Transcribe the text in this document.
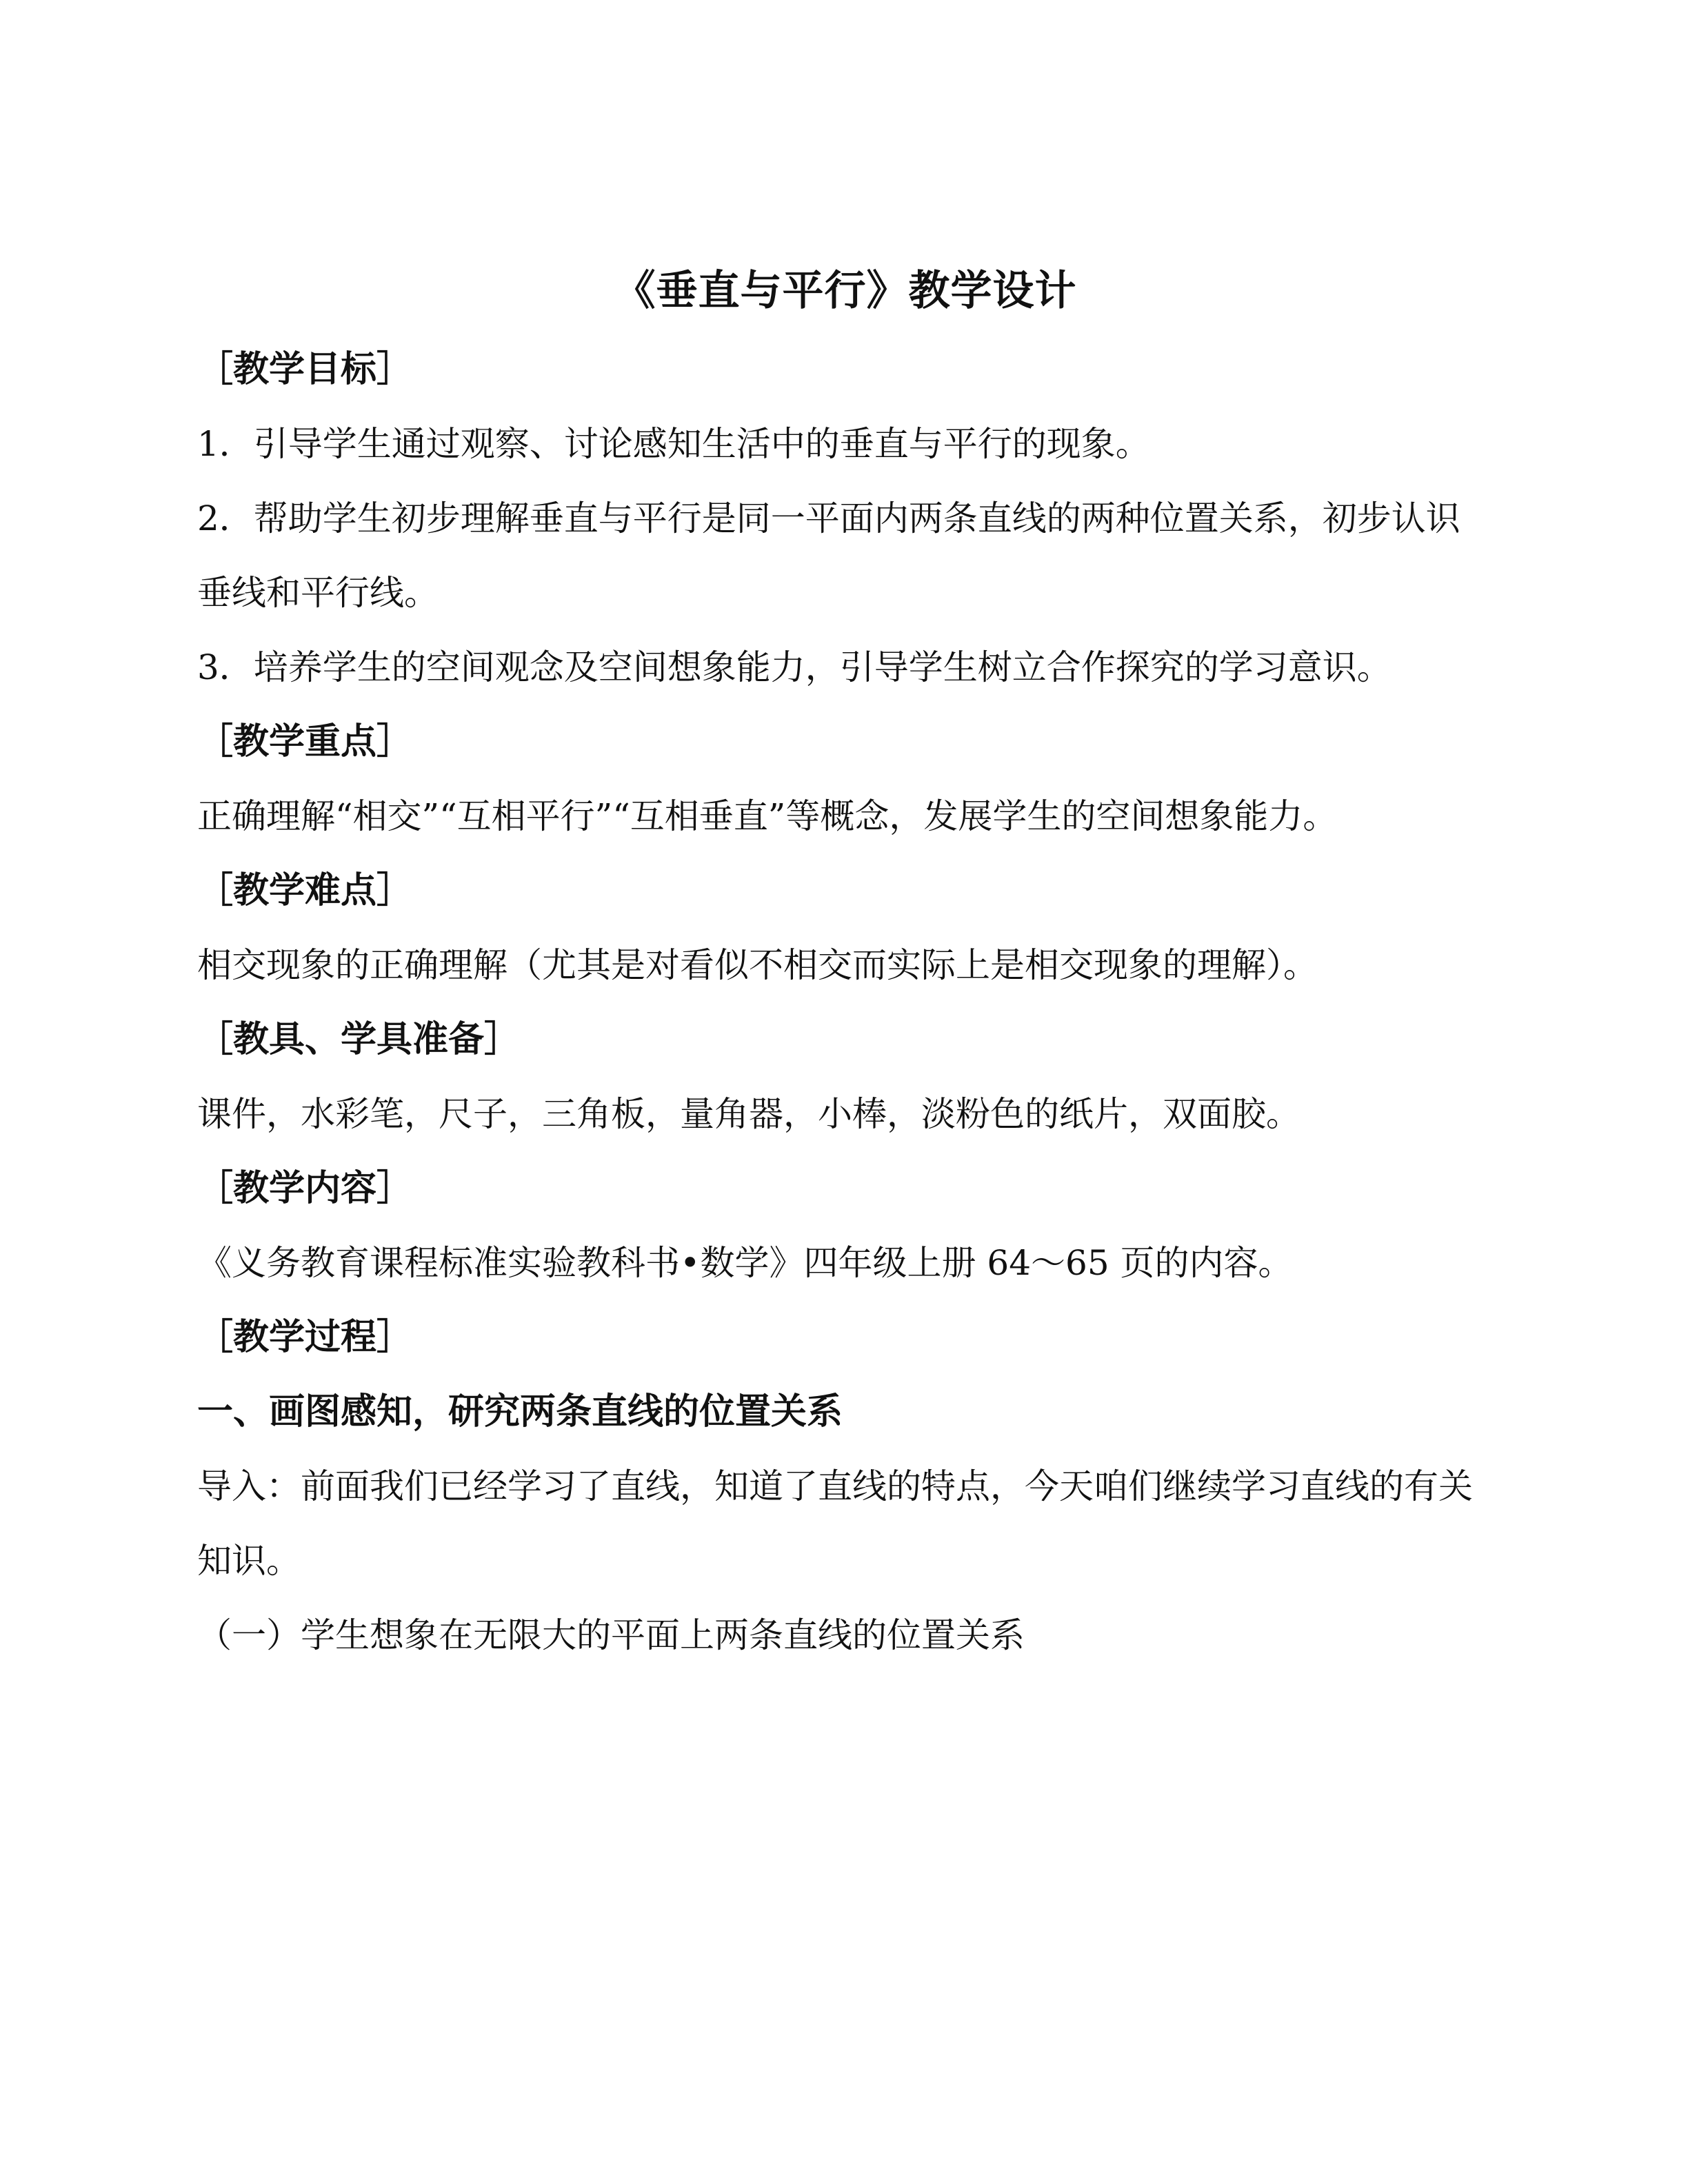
《垂直与平行》教学设计
［教学目标］
1．引导学生通过观察、讨论感知生活中的垂直与平行的现象。
2．帮助学生初步理解垂直与平行是同一平面内两条直线的两种位置关系，初步认识垂线和平行线。
3．培养学生的空间观念及空间想象能力，引导学生树立合作探究的学习意识。
［教学重点］
正确理解“相交”“互相平行”“互相垂直”等概念，发展学生的空间想象能力。
［教学难点］
相交现象的正确理解（尤其是对看似不相交而实际上是相交现象的理解）。
［教具、学具准备］
课件，水彩笔，尺子，三角板，量角器，小棒，淡粉色的纸片，双面胶。
［教学内容］
《义务教育课程标准实验教科书•数学》四年级上册 64～65 页的内容。
［教学过程］
一、画图感知，研究两条直线的位置关系
导入：前面我们已经学习了直线，知道了直线的特点，今天咱们继续学习直线的有关知识。
（一）学生想象在无限大的平面上两条直线的位置关系
